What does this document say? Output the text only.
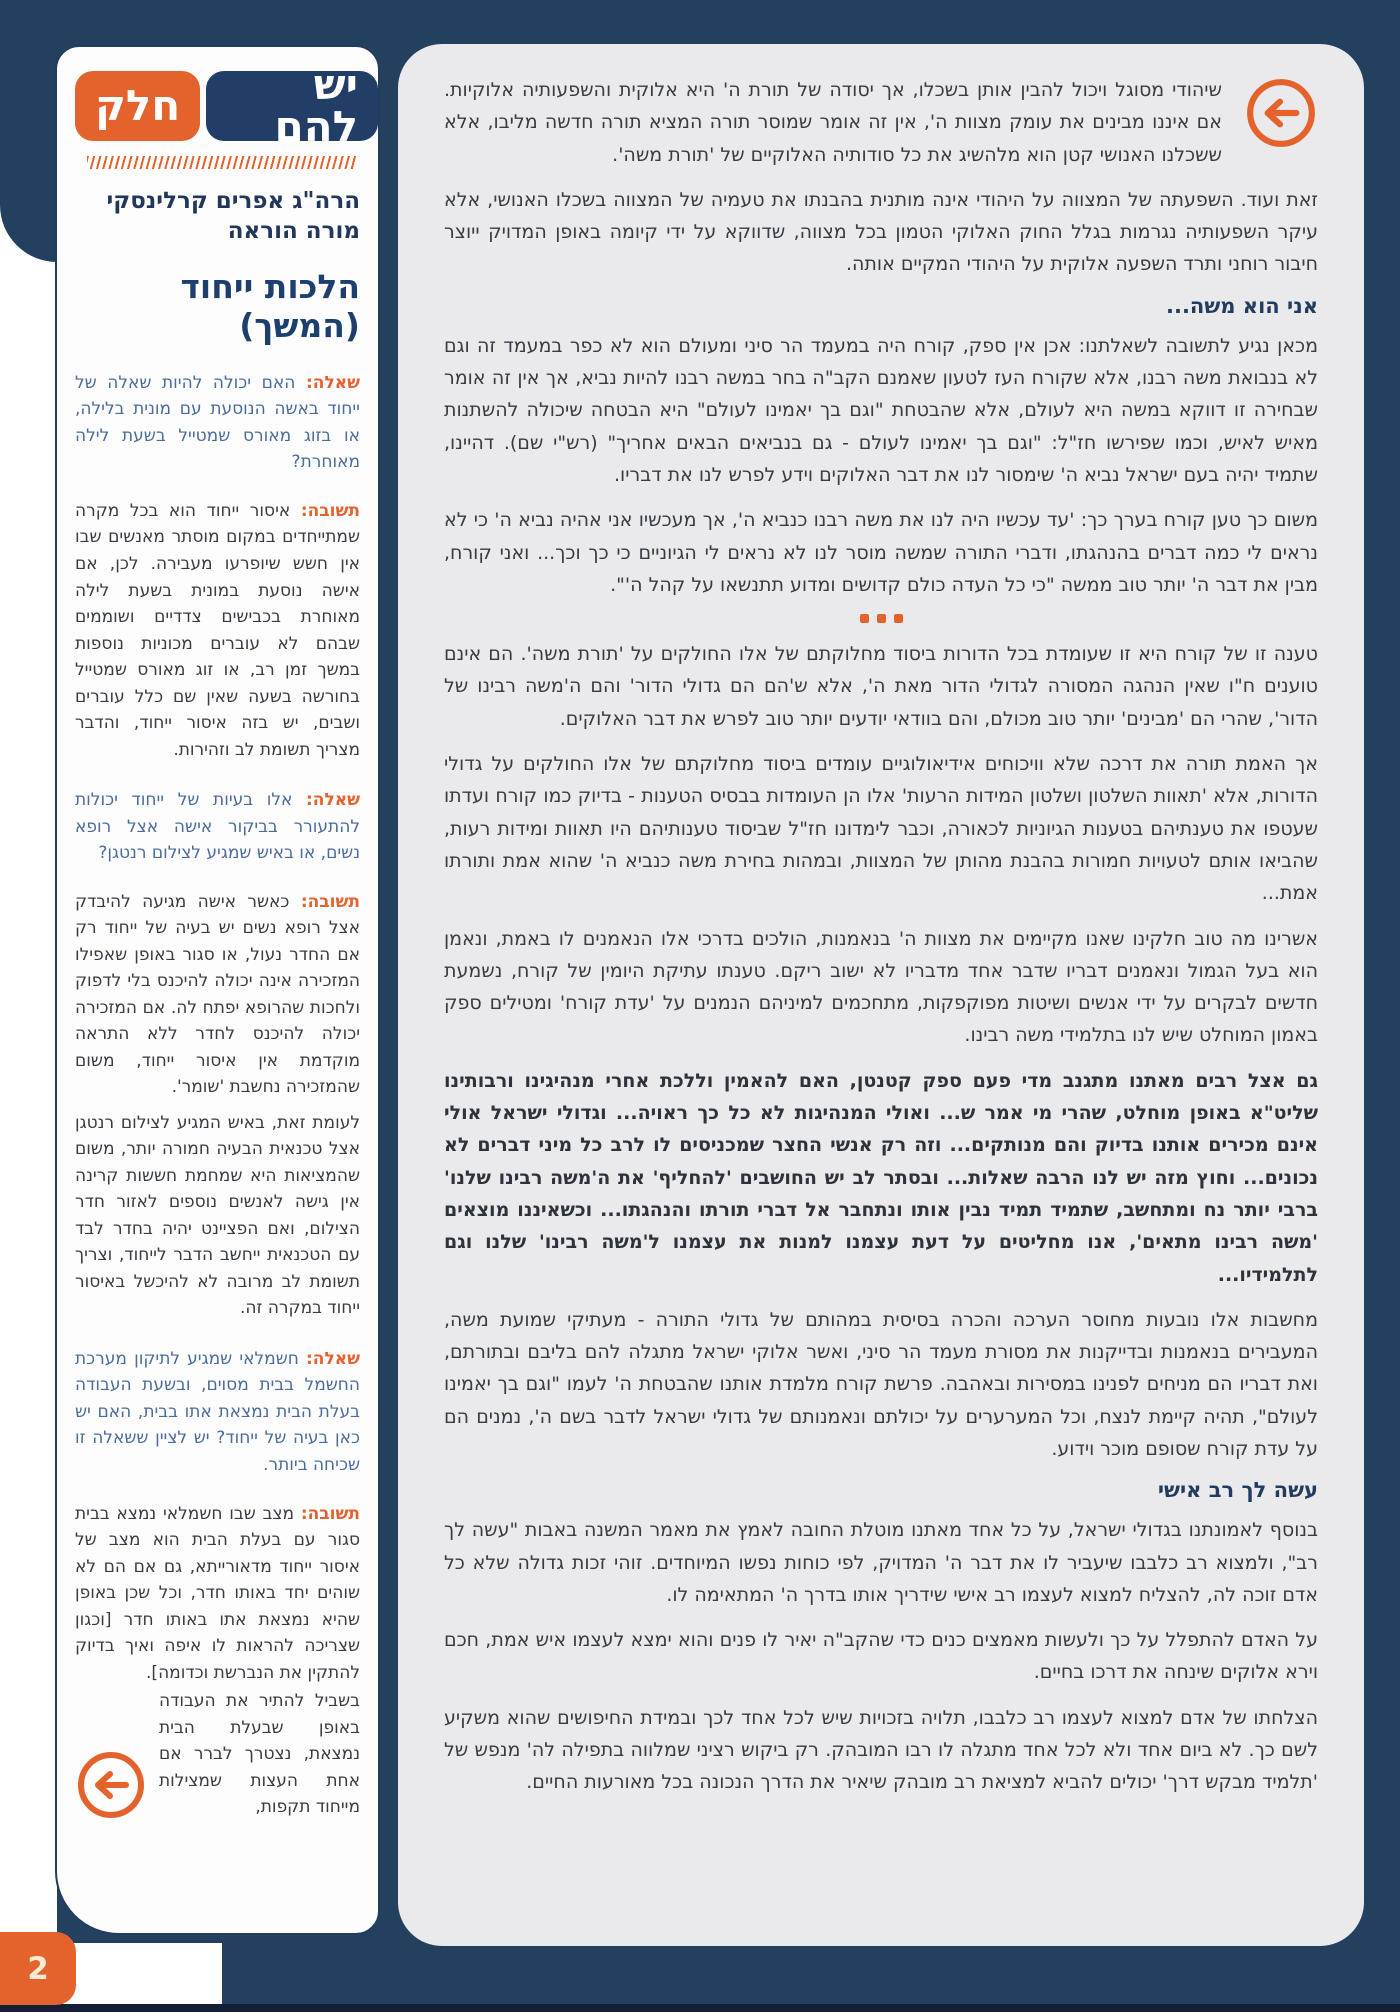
2
יש להם
חלק
הרה"ג אפרים קרלינסקי
מורה הוראה
הלכות ייחוד (המשך)

שאלה: האם יכולה להיות שאלה של ייחוד באשה הנוסעת עם מונית בלילה, או בזוג מאורס שמטייל בשעת לילה מאוחרת?

תשובה: איסור ייחוד הוא בכל מקרה שמתייחדים במקום מוסתר מאנשים שבו אין חשש שיופרעו מעבירה. לכן, אם אישה נוסעת במונית בשעת לילה מאוחרת בכבישים צדדיים ושוממים שבהם לא עוברים מכוניות נוספות במשך זמן רב, או זוג מאורס שמטייל בחורשה בשעה שאין שם כלל עוברים ושבים, יש בזה איסור ייחוד, והדבר מצריך תשומת לב וזהירות.

שאלה: אלו בעיות של ייחוד יכולות להתעורר בביקור אישה אצל רופא נשים, או באיש שמגיע לצילום רנטגן?

תשובה: כאשר אישה מגיעה להיבדק אצל רופא נשים יש בעיה של ייחוד רק אם החדר נעול, או סגור באופן שאפילו המזכירה אינה יכולה להיכנס בלי לדפוק ולחכות שהרופא יפתח לה. אם המזכירה יכולה להיכנס לחדר ללא התראה מוקדמת אין איסור ייחוד, משום שהמזכירה נחשבת 'שומר'.

לעומת זאת, באיש המגיע לצילום רנטגן אצל טכנאית הבעיה חמורה יותר, משום שהמציאות היא שמחמת חששות קרינה אין גישה לאנשים נוספים לאזור חדר הצילום, ואם הפציינט יהיה בחדר לבד עם הטכנאית ייחשב הדבר לייחוד, וצריך תשומת לב מרובה לא להיכשל באיסור ייחוד במקרה זה.

שאלה: חשמלאי שמגיע לתיקון מערכת החשמל בבית מסוים, ובשעת העבודה בעלת הבית נמצאת אתו בבית, האם יש כאן בעיה של ייחוד? יש לציין ששאלה זו שכיחה ביותר.

תשובה: מצב שבו חשמלאי נמצא בבית סגור עם בעלת הבית הוא מצב של איסור ייחוד מדאורייתא, גם אם הם לא שוהים יחד באותו חדר, וכל שכן באופן שהיא נמצאת אתו באותו חדר [וכגון שצריכה להראות לו איפה ואיך בדיוק להתקין את הנברשת וכדומה].

בשביל להתיר את העבודה באופן שבעלת הבית נמצאת, נצטרך לברר אם אחת העצות שמצילות מייחוד תקפות,

שיהודי מסוגל ויכול להבין אותן בשכלו, אך יסודה של תורת ה' היא אלוקית והשפעותיה אלוקיות. אם איננו מבינים את עומק מצוות ה', אין זה אומר שמוסר תורה המציא תורה חדשה מליבו, אלא ששכלנו האנושי קטן הוא מלהשיג את כל סודותיה האלוקיים של 'תורת משה'.

זאת ועוד. השפעתה של המצווה על היהודי אינה מותנית בהבנתו את טעמיה של המצווה בשכלו האנושי, אלא עיקר השפעותיה נגרמות בגלל החוק האלוקי הטמון בכל מצווה, שדווקא על ידי קיומה באופן המדויק ייוצר חיבור רוחני ותרד השפעה אלוקית על היהודי המקיים אותה.

אני הוא משה...

מכאן נגיע לתשובה לשאלתנו: אכן אין ספק, קורח היה במעמד הר סיני ומעולם הוא לא כפר במעמד זה וגם לא בנבואת משה רבנו, אלא שקורח העז לטעון שאמנם הקב"ה בחר במשה רבנו להיות נביא, אך אין זה אומר שבחירה זו דווקא במשה היא לעולם, אלא שהבטחת "וגם בך יאמינו לעולם" היא הבטחה שיכולה להשתנות מאיש לאיש, וכמו שפירשו חז"ל: "וגם בך יאמינו לעולם - גם בנביאים הבאים אחריך" (רש"י שם). דהיינו, שתמיד יהיה בעם ישראל נביא ה' שימסור לנו את דבר האלוקים וידע לפרש לנו את דבריו.

משום כך טען קורח בערך כך: 'עד עכשיו היה לנו את משה רבנו כנביא ה', אך מעכשיו אני אהיה נביא ה' כי לא נראים לי כמה דברים בהנהגתו, ודברי התורה שמשה מוסר לנו לא נראים לי הגיוניים כי כך וכך... ואני קורח, מבין את דבר ה' יותר טוב ממשה "כי כל העדה כולם קדושים ומדוע תתנשאו על קהל ה'".

טענה זו של קורח היא זו שעומדת בכל הדורות ביסוד מחלוקתם של אלו החולקים על 'תורת משה'. הם אינם טוענים ח"ו שאין הנהגה המסורה לגדולי הדור מאת ה', אלא ש'הם הם גדולי הדור' והם ה'משה רבינו של הדור', שהרי הם 'מבינים' יותר טוב מכולם, והם בוודאי יודעים יותר טוב לפרש את דבר האלוקים.

אך האמת תורה את דרכה שלא וויכוחים אידיאולוגיים עומדים ביסוד מחלוקתם של אלו החולקים על גדולי הדורות, אלא 'תאוות השלטון ושלטון המידות הרעות' אלו הן העומדות בבסיס הטענות - בדיוק כמו קורח ועדתו שעטפו את טענתיהם בטענות הגיוניות לכאורה, וכבר לימדונו חז"ל שביסוד טענותיהם היו תאוות ומידות רעות, שהביאו אותם לטעויות חמורות בהבנת מהותן של המצוות, ובמהות בחירת משה כנביא ה' שהוא אמת ותורתו אמת...

אשרינו מה טוב חלקינו שאנו מקיימים את מצוות ה' בנאמנות, הולכים בדרכי אלו הנאמנים לו באמת, ונאמן הוא בעל הגמול ונאמנים דבריו שדבר אחד מדבריו לא ישוב ריקם. טענתו עתיקת היומין של קורח, נשמעת חדשים לבקרים על ידי אנשים ושיטות מפוקפקות, מתחכמים למיניהם הנמנים על 'עדת קורח' ומטילים ספק באמון המוחלט שיש לנו בתלמידי משה רבינו.

גם אצל רבים מאתנו מתגנב מדי פעם ספק קטנטן, האם להאמין וללכת אחרי מנהיגינו ורבותינו שליט"א באופן מוחלט, שהרי מי אמר ש... ואולי המנהיגות לא כל כך ראויה... וגדולי ישראל אולי אינם מכירים אותנו בדיוק והם מנותקים... וזה רק אנשי החצר שמכניסים לו לרב כל מיני דברים לא נכונים... וחוץ מזה יש לנו הרבה שאלות... ובסתר לב יש החושבים 'להחליף' את ה'משה רבינו שלנו' ברבי יותר נח ומתחשב, שתמיד תמיד נבין אותו ונתחבר אל דברי תורתו והנהגתו... וכשאיננו מוצאים 'משה רבינו מתאים', אנו מחליטים על דעת עצמנו למנות את עצמנו ל'משה רבינו' שלנו וגם לתלמידיו...

מחשבות אלו נובעות מחוסר הערכה והכרה בסיסית במהותם של גדולי התורה - מעתיקי שמועת משה, המעבירים בנאמנות ובדייקנות את מסורת מעמד הר סיני, ואשר אלוקי ישראל מתגלה להם בליבם ובתורתם, ואת דבריו הם מניחים לפנינו במסירות ובאהבה. פרשת קורח מלמדת אותנו שהבטחת ה' לעמו "וגם בך יאמינו לעולם", תהיה קיימת לנצח, וכל המערערים על יכולתם ונאמנותם של גדולי ישראל לדבר בשם ה', נמנים הם על עדת קורח שסופם מוכר וידוע.

עשה לך רב אישי

בנוסף לאמונתנו בגדולי ישראל, על כל אחד מאתנו מוטלת החובה לאמץ את מאמר המשנה באבות "עשה לך רב", ולמצוא רב כלבבו שיעביר לו את דבר ה' המדויק, לפי כוחות נפשו המיוחדים. זוהי זכות גדולה שלא כל אדם זוכה לה, להצליח למצוא לעצמו רב אישי שידריך אותו בדרך ה' המתאימה לו.

על האדם להתפלל על כך ולעשות מאמצים כנים כדי שהקב"ה יאיר לו פנים והוא ימצא לעצמו איש אמת, חכם וירא אלוקים שינחה את דרכו בחיים.

הצלחתו של אדם למצוא לעצמו רב כלבבו, תלויה בזכויות שיש לכל אחד לכך ובמידת החיפושים שהוא משקיע לשם כך. לא ביום אחד ולא לכל אחד מתגלה לו רבו המובהק. רק ביקוש רציני שמלווה בתפילה לה' מנפש של 'תלמיד מבקש דרך' יכולים להביא למציאת רב מובהק שיאיר את הדרך הנכונה בכל מאורעות החיים.
